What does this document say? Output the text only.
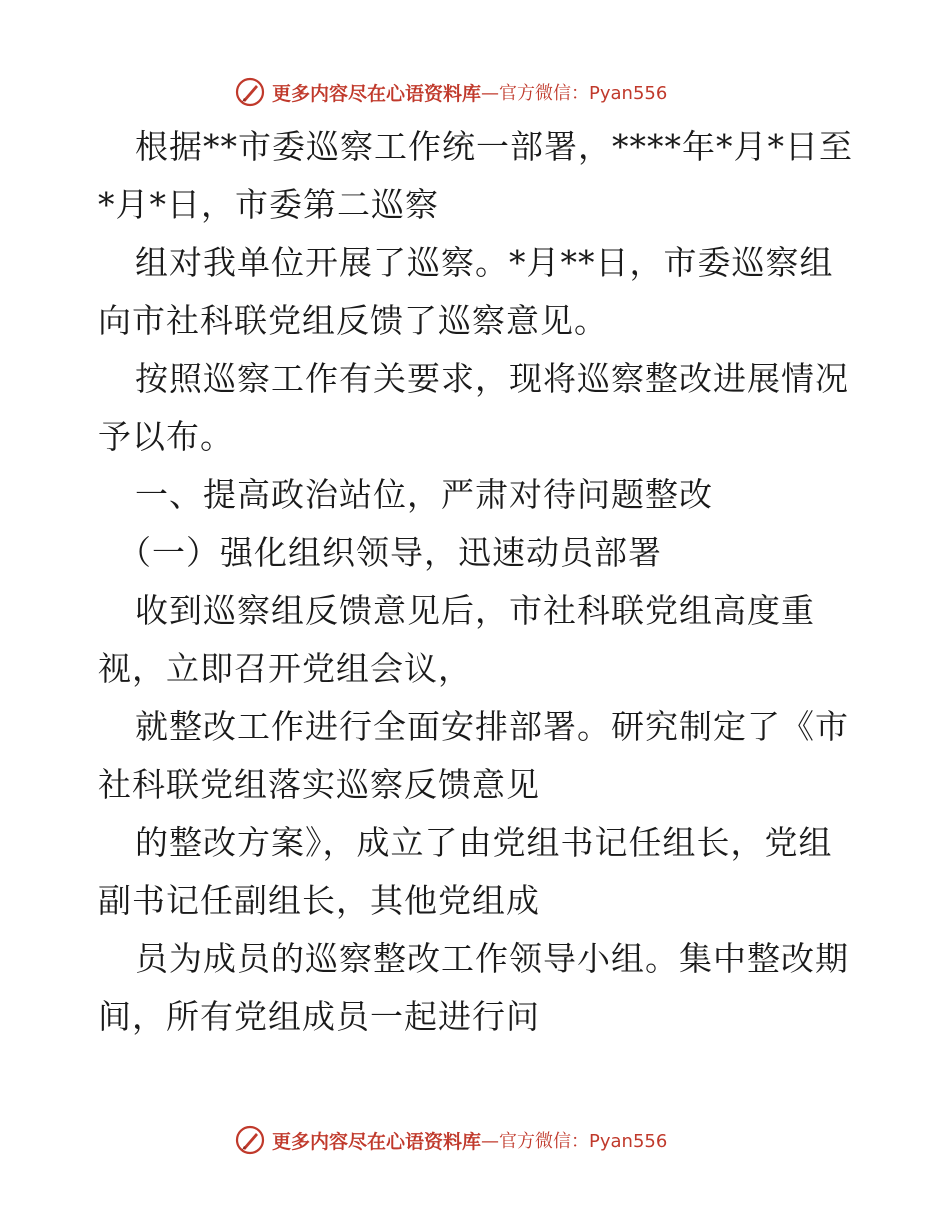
更多内容尽在心语资料库 —官方微信：Pyan556
根据**市委巡察工作统一部署，****年*月*日至
*月*日，市委第二巡察
组对我单位开展了巡察。*月**日，市委巡察组
向市社科联党组反馈了巡察意见。
按照巡察工作有关要求，现将巡察整改进展情况
予以布。
一、提高政治站位，严肃对待问题整改
（一）强化组织领导，迅速动员部署
收到巡察组反馈意见后，市社科联党组高度重
视，立即召开党组会议，
就整改工作进行全面安排部署。研究制定了《市
社科联党组落实巡察反馈意见
的整改方案》，成立了由党组书记任组长，党组
副书记任副组长，其他党组成
员为成员的巡察整改工作领导小组。集中整改期
间，所有党组成员一起进行问
更多内容尽在心语资料库 —官方微信：Pyan556
